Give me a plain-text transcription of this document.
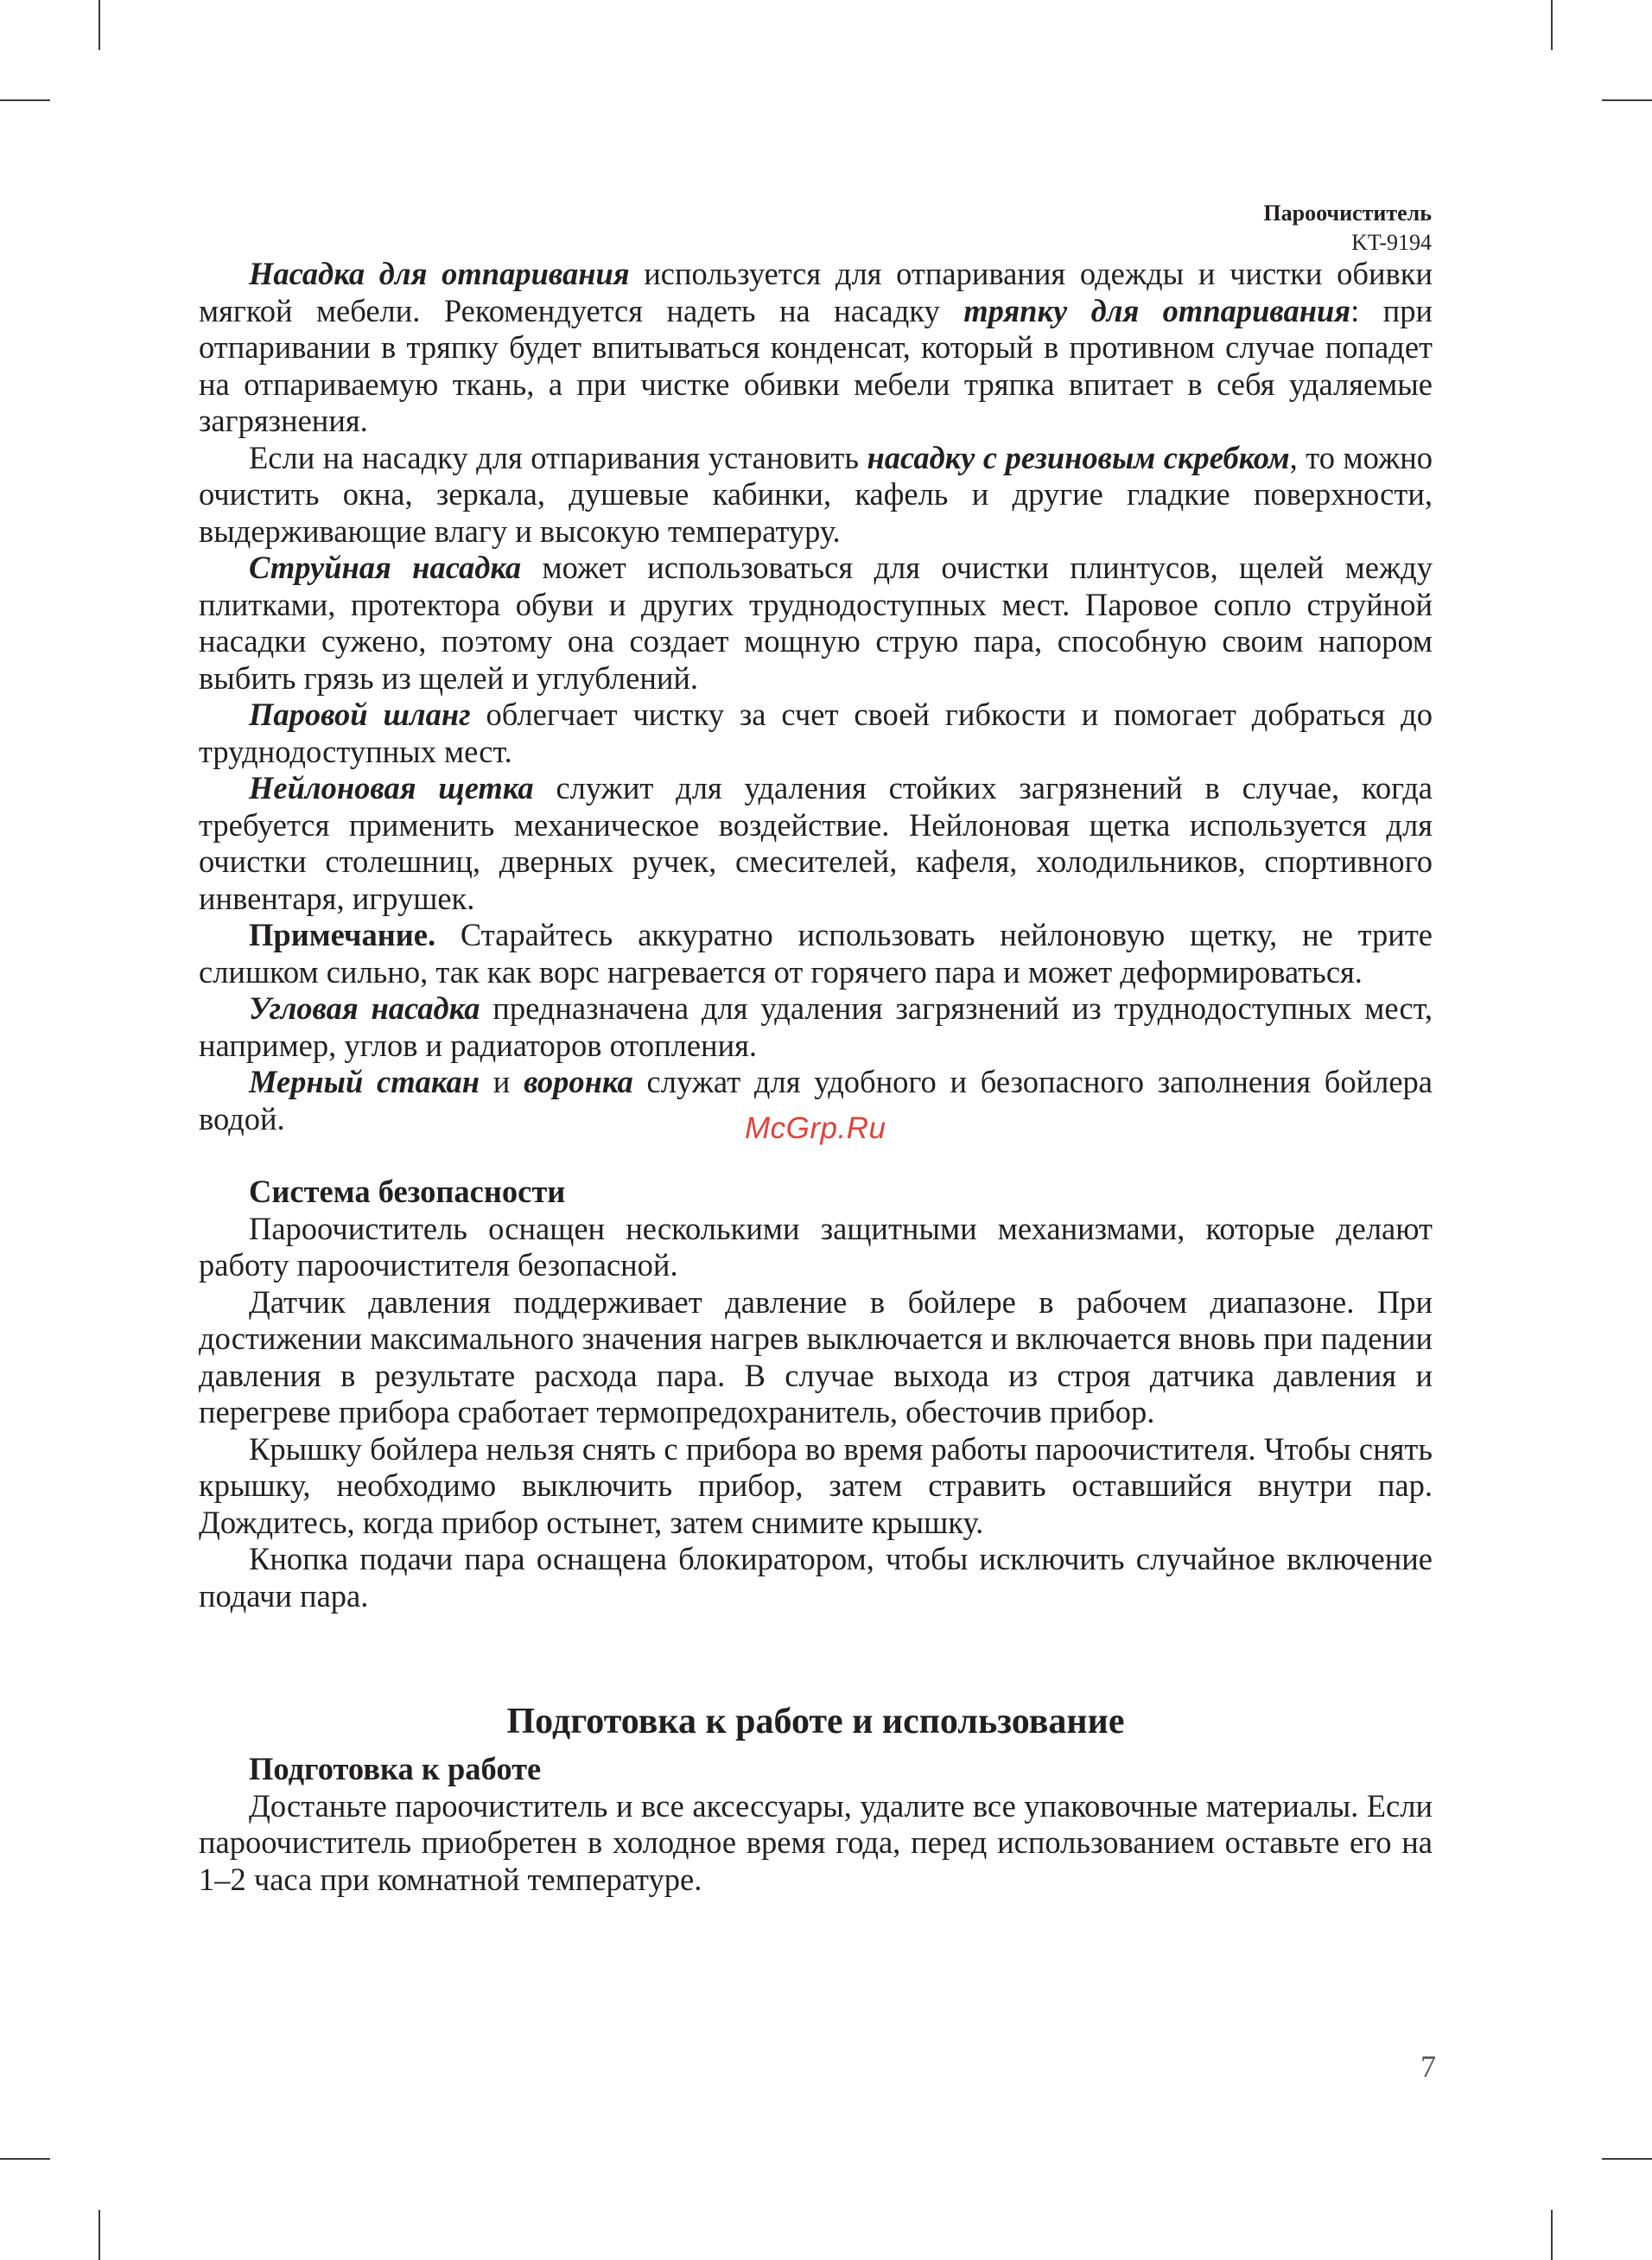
Пароочиститель
KT-9194

Насадка для отпаривания используется для отпаривания одежды и чистки обивки мягкой мебели. Рекомендуется надеть на насадку тряпку для отпаривания: при отпаривании в тряпку будет впитываться конденсат, который в противном случае попадет на отпариваемую ткань, а при чистке обивки мебели тряпка впитает в себя удаляемые загрязнения.

Если на насадку для отпаривания установить насадку с резиновым скребком, то можно очистить окна, зеркала, душевые кабинки, кафель и другие гладкие поверхности, выдерживающие влагу и высокую температуру.

Струйная насадка может использоваться для очистки плинтусов, щелей между плитками, протектора обуви и других труднодоступных мест. Паровое сопло струйной насадки сужено, поэтому она создает мощную струю пара, способную своим напором выбить грязь из щелей и углублений.

Паровой шланг облегчает чистку за счет своей гибкости и помогает добраться до труднодоступных мест.

Нейлоновая щетка служит для удаления стойких загрязнений в случае, когда требуется применить механическое воздействие. Нейлоновая щетка используется для очистки столешниц, дверных ручек, смесителей, кафеля, холодильников, спортивного инвентаря, игрушек.

Примечание. Старайтесь аккуратно использовать нейлоновую щетку, не трите слишком сильно, так как ворс нагревается от горячего пара и может деформироваться.

Угловая насадка предназначена для удаления загрязнений из труднодоступных мест, например, углов и радиаторов отопления.

Мерный стакан и воронка служат для удобного и безопасного заполнения бойлера водой.

Система безопасности

Пароочиститель оснащен несколькими защитными механизмами, которые делают работу пароочистителя безопасной.

Датчик давления поддерживает давление в бойлере в рабочем диапазоне. При достижении максимального значения нагрев выключается и включается вновь при падении давления в результате расхода пара. В случае выхода из строя датчика давления и перегреве прибора сработает термопредохранитель, обесточив прибор.

Крышку бойлера нельзя снять с прибора во время работы пароочистителя. Чтобы снять крышку, необходимо выключить прибор, затем стравить оставшийся внутри пар. Дождитесь, когда прибор остынет, затем снимите крышку.

Кнопка подачи пара оснащена блокиратором, чтобы исключить случайное включение подачи пара.

Подготовка к работе и использование
Подготовка к работе

Достаньте пароочиститель и все аксессуары, удалите все упаковочные материалы. Если пароочиститель приобретен в холодное время года, перед использованием оставьте его на 1–2 часа при комнатной температуре.

McGrp.Ru
7
